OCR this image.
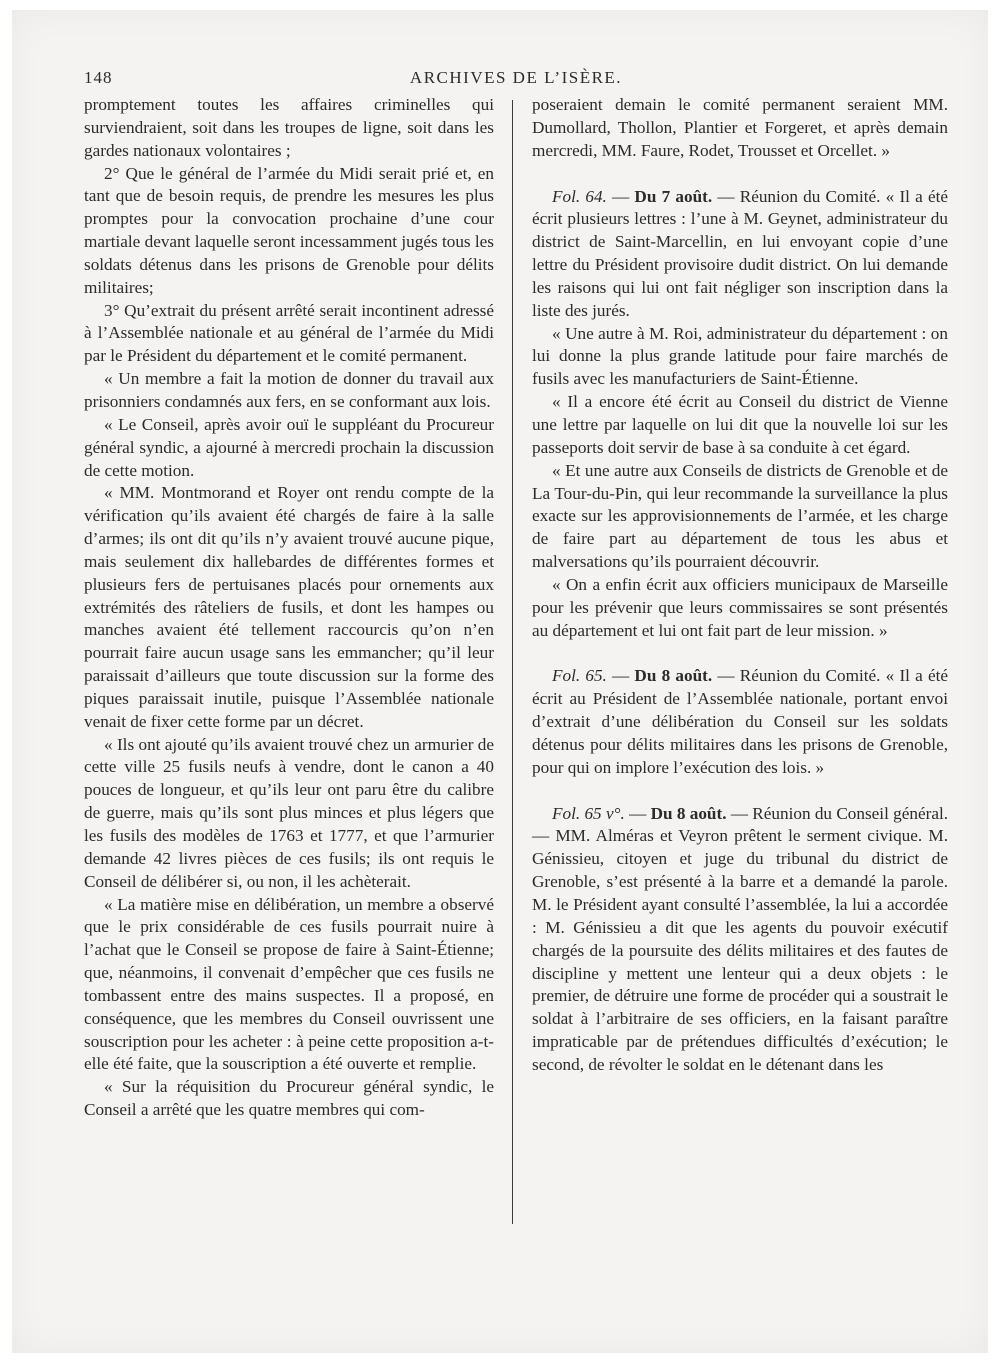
148	ARCHIVES DE L’ISÈRE.

promptement toutes les affaires criminelles qui surviendraient, soit dans les troupes de ligne, soit dans les gardes nationaux volontaires ;

2° Que le général de l’armée du Midi serait prié et, en tant que de besoin requis, de prendre les mesures les plus promptes pour la convocation prochaine d’une cour martiale devant laquelle seront incessamment jugés tous les soldats détenus dans les prisons de Grenoble pour délits militaires;

3° Qu’extrait du présent arrêté serait incontinent adressé à l’Assemblée nationale et au général de l’armée du Midi par le Président du département et le comité permanent.

« Un membre a fait la motion de donner du travail aux prisonniers condamnés aux fers, en se conformant aux lois.

« Le Conseil, après avoir ouï le suppléant du Procureur général syndic, a ajourné à mercredi prochain la discussion de cette motion.

« MM. Montmorand et Royer ont rendu compte de la vérification qu’ils avaient été chargés de faire à la salle d’armes; ils ont dit qu’ils n’y avaient trouvé aucune pique, mais seulement dix hallebardes de différentes formes et plusieurs fers de pertuisanes placés pour ornements aux extrémités des râteliers de fusils, et dont les hampes ou manches avaient été tellement raccourcis qu’on n’en pourrait faire aucun usage sans les emmancher; qu’il leur paraissait d’ailleurs que toute discussion sur la forme des piques paraissait inutile, puisque l’Assemblée nationale venait de fixer cette forme par un décret.

« Ils ont ajouté qu’ils avaient trouvé chez un armurier de cette ville 25 fusils neufs à vendre, dont le canon a 40 pouces de longueur, et qu’ils leur ont paru être du calibre de guerre, mais qu’ils sont plus minces et plus légers que les fusils des modèles de 1763 et 1777, et que l’armurier demande 42 livres pièces de ces fusils; ils ont requis le Conseil de délibérer si, ou non, il les achèterait.

« La matière mise en délibération, un membre a observé que le prix considérable de ces fusils pourrait nuire à l’achat que le Conseil se propose de faire à Saint-Étienne; que, néanmoins, il convenait d’empêcher que ces fusils ne tombassent entre des mains suspectes. Il a proposé, en conséquence, que les membres du Conseil ouvrissent une souscription pour les acheter : à peine cette proposition a-t-elle été faite, que la souscription a été ouverte et remplie.

« Sur la réquisition du Procureur général syndic, le Conseil a arrêté que les quatre membres qui com-

poseraient demain le comité permanent seraient MM. Dumollard, Thollon, Plantier et Forgeret, et après demain mercredi, MM. Faure, Rodet, Trousset et Orcellet. »

Fol. 64. — Du 7 août. — Réunion du Comité. « Il a été écrit plusieurs lettres : l’une à M. Geynet, administrateur du district de Saint-Marcellin, en lui envoyant copie d’une lettre du Président provisoire dudit district. On lui demande les raisons qui lui ont fait négliger son inscription dans la liste des jurés.

« Une autre à M. Roi, administrateur du département : on lui donne la plus grande latitude pour faire marchés de fusils avec les manufacturiers de Saint-Étienne.

« Il a encore été écrit au Conseil du district de Vienne une lettre par laquelle on lui dit que la nouvelle loi sur les passeports doit servir de base à sa conduite à cet égard.

« Et une autre aux Conseils de districts de Grenoble et de La Tour-du-Pin, qui leur recommande la surveillance la plus exacte sur les approvisionnements de l’armée, et les charge de faire part au département de tous les abus et malversations qu’ils pourraient découvrir.

« On a enfin écrit aux officiers municipaux de Marseille pour les prévenir que leurs commissaires se sont présentés au département et lui ont fait part de leur mission. »

Fol. 65. — Du 8 août. — Réunion du Comité. « Il a été écrit au Président de l’Assemblée nationale, portant envoi d’extrait d’une délibération du Conseil sur les soldats détenus pour délits militaires dans les prisons de Grenoble, pour qui on implore l’exécution des lois. »

Fol. 65 v°. — Du 8 août. — Réunion du Conseil général. — MM. Alméras et Veyron prêtent le serment civique. M. Génissieu, citoyen et juge du tribunal du district de Grenoble, s’est présenté à la barre et a demandé la parole. M. le Président ayant consulté l’assemblée, la lui a accordée : M. Génissieu a dit que les agents du pouvoir exécutif chargés de la poursuite des délits militaires et des fautes de discipline y mettent une lenteur qui a deux objets : le premier, de détruire une forme de procéder qui a soustrait le soldat à l’arbitraire de ses officiers, en la faisant paraître impraticable par de prétendues difficultés d’exécution; le second, de révolter le soldat en le détenant dans les
